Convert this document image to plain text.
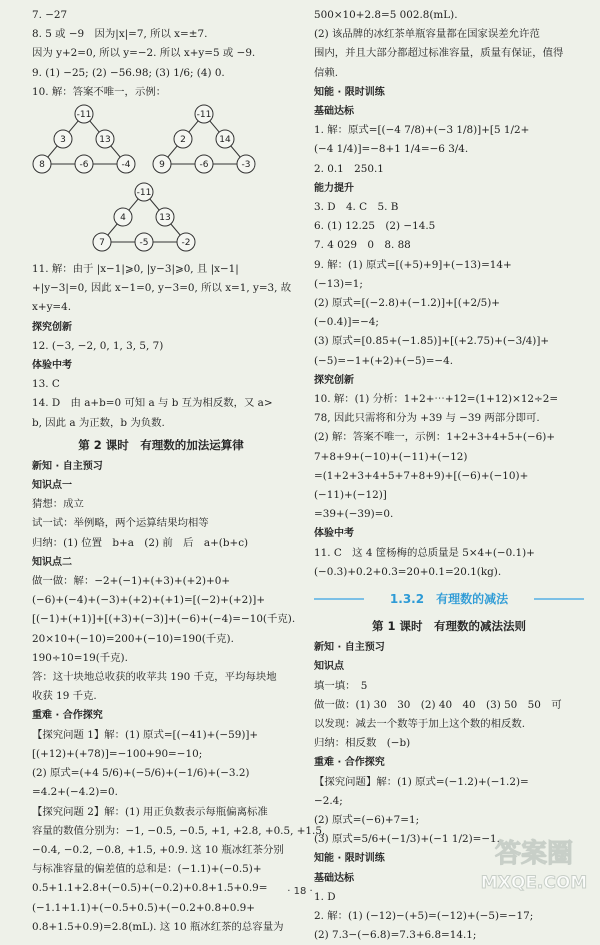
7. −27
8. 5 或 −9　因为|x|=7, 所以 x=±7.
因为 y+2=0, 所以 y=−2. 所以 x+y=5 或 −9.
9. (1) −25; (2) −56.98; (3) 1/6; (4) 0.
10. 解：答案不唯一，示例：
-11
3	13
8	-6	-4
-11
2	14
9	-6	-3
-11
4	13
7	-5	-2
11. 解：由于 |x−1|⩾0, |y−3|⩾0, 且 |x−1|
+|y−3|=0, 因此 x−1=0, y−3=0, 所以 x=1, y=3, 故
x+y=4.
探究创新
12. (−3, −2, 0, 1, 3, 5, 7)
体验中考
13. C
14. D　由 a+b=0 可知 a 与 b 互为相反数，又 a>
b, 因此 a 为正数，b 为负数.
第 2 课时　有理数的加法运算律
新知 · 自主预习
知识点一
猜想：成立
试一试：举例略，两个运算结果均相等
归纳：(1) 位置　b+a　(2) 前　后　a+(b+c)
知识点二
做一做：解：−2+(−1)+(+3)+(+2)+0+
(−6)+(−4)+(−3)+(+2)+(+1)=[(−2)+(+2)]+
[(−1)+(+1)]+[(+3)+(−3)]+(−6)+(−4)=−10(千克).
20×10+(−10)=200+(−10)=190(千克).
190÷10=19(千克).
答：这十块地总收获的收苹共 190 千克，平均每块地
收获 19 千克.
重难 · 合作探究
【探究问题 1】解：(1) 原式=[(−41)+(−59)]+
[(+12)+(+78)]=−100+90=−10;
(2) 原式=(+4 5/6)+(−5/6)+(−1/6)+(−3.2)
=4.2+(−4.2)=0.
【探究问题 2】解：(1) 用正负数表示每瓶偏离标准
容量的数值分别为：−1, −0.5, −0.5, +1, +2.8, +0.5, +1.5,
−0.4, −0.2, −0.8, +1.5, +0.9. 这 10 瓶冰红茶分别
与标准容量的偏差值的总和是：(−1.1)+(−0.5)+
0.5+1.1+2.8+(−0.5)+(−0.2)+0.8+1.5+0.9=
(−1.1+1.1)+(−0.5+0.5)+(−0.2+0.8+0.9+
0.8+1.5+0.9)=2.8(mL). 这 10 瓶冰红茶的总容量为
500×10+2.8=5 002.8(mL).
(2) 该品牌的冰红茶单瓶容量都在国家误差允许范
围内，并且大部分都超过标准容量，质量有保证，值得
信赖.
知能 · 限时训练
基础达标
1. 解：原式=[(−4 7/8)+(−3 1/8)]+[5 1/2+
(−4 1/4)]=−8+1 1/4=−6 3/4.
2. 0.1　250.1
能力提升
3. D　4. C　5. B
6. (1) 12.25　(2) −14.5
7. 4 029　0　8. 88
9. 解：(1) 原式=[(+5)+9]+(−13)=14+
(−13)=1;
(2) 原式=[(−2.8)+(−1.2)]+[(+2/5)+
(−0.4)]=−4;
(3) 原式=[0.85+(−1.85)]+[(+2.75)+(−3/4)]+
(−5)=−1+(+2)+(−5)=−4.
探究创新
10. 解：(1) 分析：1+2+⋯+12=(1+12)×12÷2=
78, 因此只需将和分为 +39 与 −39 两部分即可.
(2) 解：答案不唯一，示例：1+2+3+4+5+(−6)+
7+8+9+(−10)+(−11)+(−12)
=(1+2+3+4+5+7+8+9)+[(−6)+(−10)+
(−11)+(−12)]
=39+(−39)=0.
体验中考
11. C　这 4 筐杨梅的总质量是 5×4+(−0.1)+
(−0.3)+0.2+0.3=20+0.1=20.1(kg).
1.3.2　有理数的减法
第 1 课时　有理数的减法法则
新知 · 自主预习
知识点
填一填：　5
做一做：(1) 30　30　(2) 40　40　(3) 50　50　可
以发现：减去一个数等于加上这个数的相反数.
归纳：相反数　(−b)
重难 · 合作探究
【探究问题】解：(1) 原式=(−1.2)+(−1.2)=
−2.4;
(2) 原式=(−6)+7=1;
(3) 原式=5/6+(−1/3)+(−1 1/2)=−1.
知能 · 限时训练
基础达标
1. D
2. 解：(1) (−12)−(+5)=(−12)+(−5)=−17;
(2) 7.3−(−6.8)=7.3+6.8=14.1;
· 18 ·
答案圈
MXQE.COM
